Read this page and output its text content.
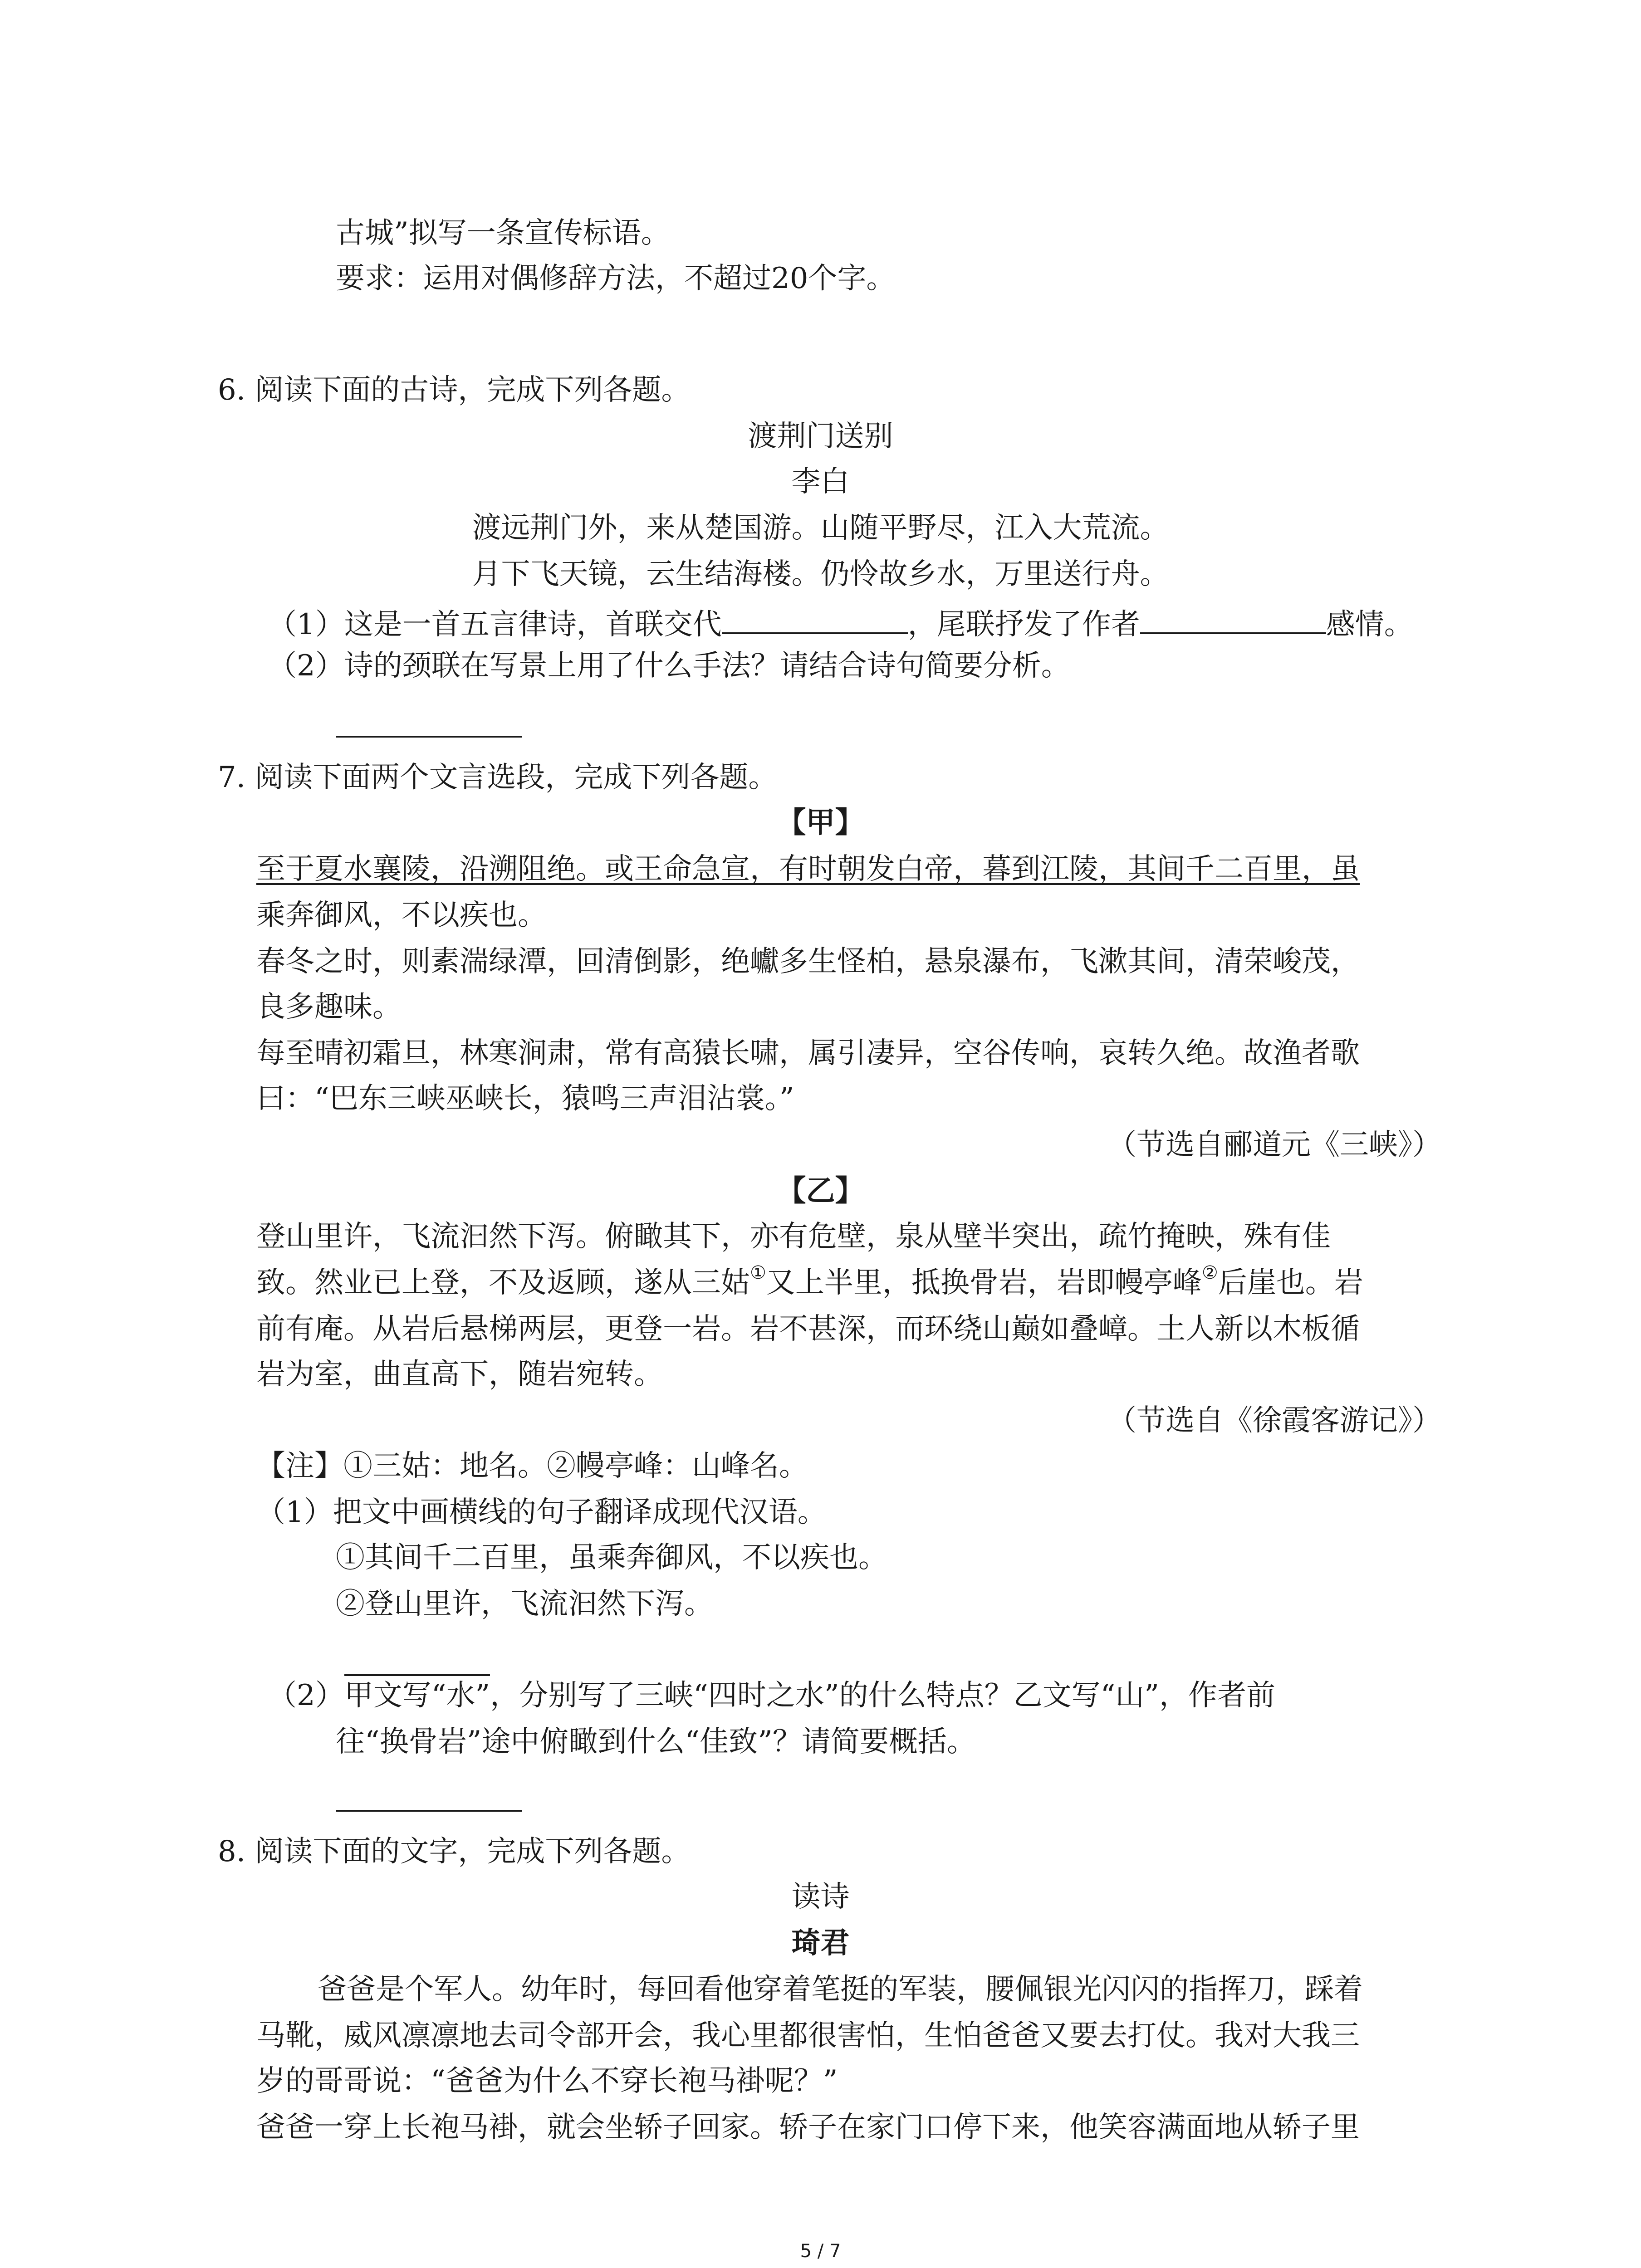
古城”拟写一条宣传标语。
要求：运用对偶修辞方法，不超过20个字。
6. 阅读下面的古诗，完成下列各题。
渡荆门送别
李白
渡远荆门外，来从楚国游。山随平野尽，江入大荒流。
月下飞天镜，云生结海楼。仍怜故乡水，万里送行舟。
（1）这是一首五言律诗，首联交代	，尾联抒发了作者	感情。
（2）诗的颈联在写景上用了什么手法？请结合诗句简要分析。
7. 阅读下面两个文言选段，完成下列各题。
【甲】
至于夏水襄陵，沿溯阻绝。或王命急宣，有时朝发白帝，暮到江陵，其间千二百里，虽
乘奔御风，不以疾也。
春冬之时，则素湍绿潭，回清倒影，绝巘多生怪柏，悬泉瀑布，飞漱其间，清荣峻茂，
良多趣味。
每至晴初霜旦，林寒涧肃，常有高猿长啸，属引凄异，空谷传响，哀转久绝。故渔者歌
曰：“巴东三峡巫峡长，猿鸣三声泪沾裳。”
（节选自郦道元《三峡》）
【乙】
登山里许，飞流汩然下泻。俯瞰其下，亦有危壁，泉从壁半突出，疏竹掩映，殊有佳
致。然业已上登，不及返顾，遂从三姑①又上半里，抵换骨岩，岩即幔亭峰②后崖也。岩
前有庵。从岩后悬梯两层，更登一岩。岩不甚深，而环绕山巅如叠嶂。土人新以木板循
岩为室，曲直高下，随岩宛转。
（节选自《徐霞客游记》）
【注】①三姑：地名。②幔亭峰：山峰名。
（1）把文中画横线的句子翻译成现代汉语。
①其间千二百里，虽乘奔御风，不以疾也。
②登山里许，飞流汩然下泻。
（2）甲文写“水”，分别写了三峡“四时之水”的什么特点？乙文写“山”，作者前
往“换骨岩”途中俯瞰到什么“佳致”？请简要概括。
8. 阅读下面的文字，完成下列各题。
读诗
琦君
爸爸是个军人。幼年时，每回看他穿着笔挺的军装，腰佩银光闪闪的指挥刀，踩着
马靴，威风凛凛地去司令部开会，我心里都很害怕，生怕爸爸又要去打仗。我对大我三
岁的哥哥说：“爸爸为什么不穿长袍马褂呢？”
爸爸一穿上长袍马褂，就会坐轿子回家。轿子在家门口停下来，他笑容满面地从轿子里
5 / 7
